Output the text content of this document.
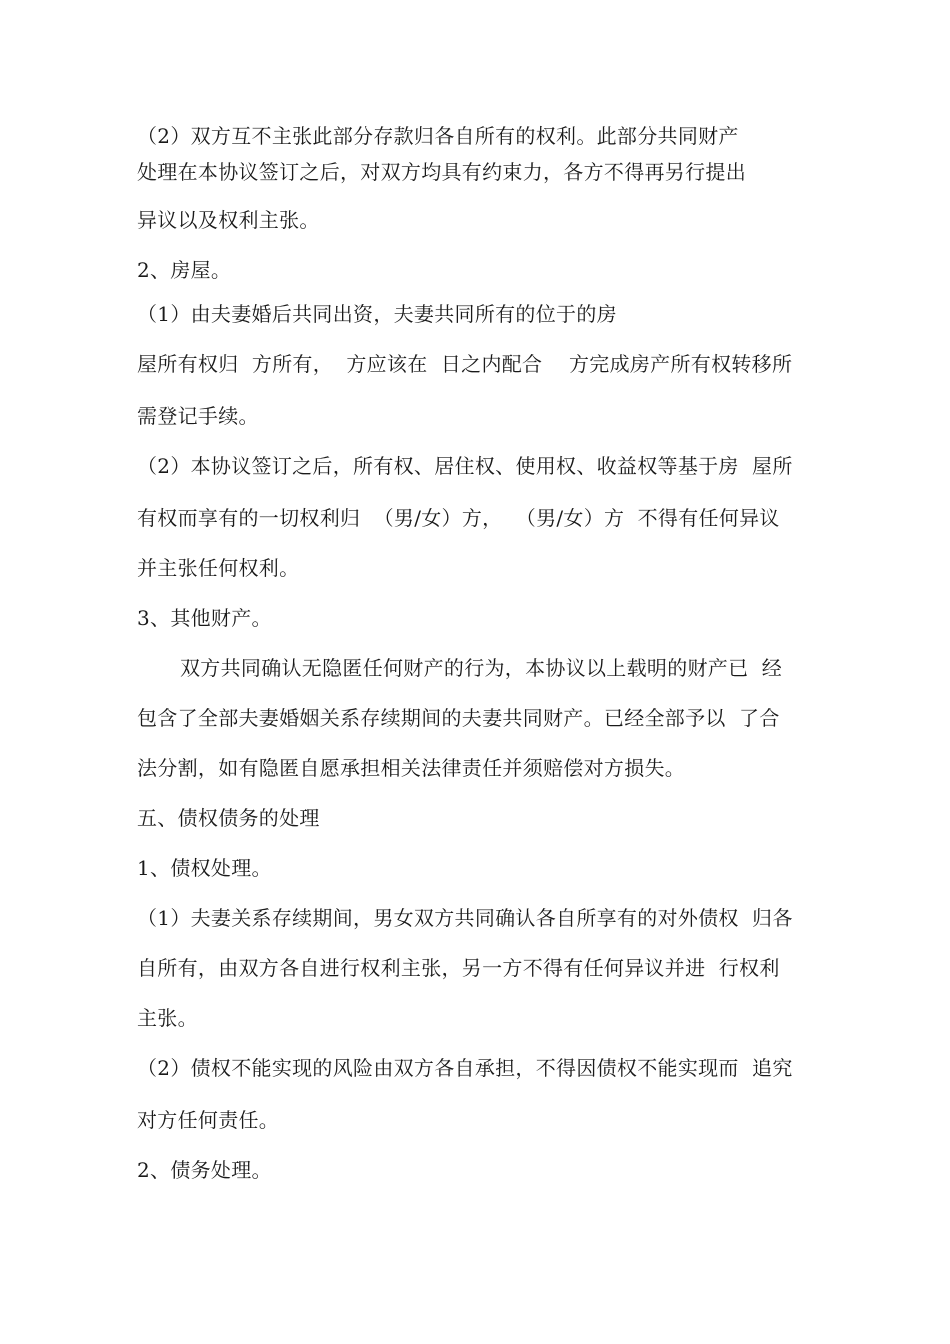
（2）双方互不主张此部分存款归各自所有的权利。此部分共同财产
处理在本协议签订之后，对双方均具有约束力，各方不得再另行提出
异议以及权利主张。
2、房屋。
（1）由夫妻婚后共同出资，夫妻共同所有的位于的房
屋所有权归  方所有，  方应该在  日之内配合    方完成房产所有权转移所
需登记手续。
（2）本协议签订之后，所有权、居住权、使用权、收益权等基于房  屋所
有权而享有的一切权利归  （男/女）方，  （男/女）方  不得有任何异议
并主张任何权利。
3、其他财产。
双方共同确认无隐匿任何财产的行为，本协议以上载明的财产已  经
包含了全部夫妻婚姻关系存续期间的夫妻共同财产。已经全部予以  了合
法分割，如有隐匿自愿承担相关法律责任并须赔偿对方损失。
五、债权债务的处理
1、债权处理。
（1）夫妻关系存续期间，男女双方共同确认各自所享有的对外债权  归各
自所有，由双方各自进行权利主张，另一方不得有任何异议并进  行权利
主张。
（2）债权不能实现的风险由双方各自承担，不得因债权不能实现而  追究
对方任何责任。
2、债务处理。
